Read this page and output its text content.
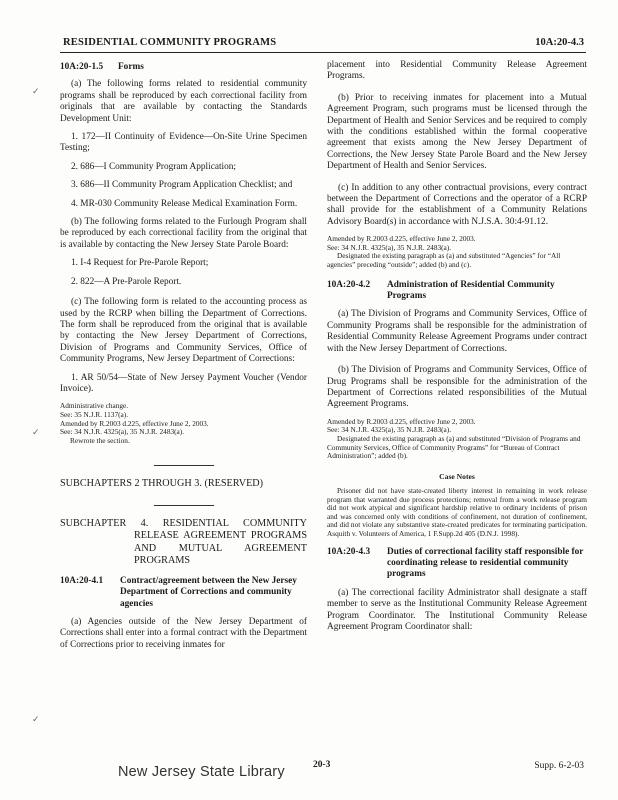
RESIDENTIAL COMMUNITY PROGRAMS	10A:20-4.3
✓
✓
✓
10A:20-1.5 Forms

(a) The following forms related to residential community programs shall be reproduced by each correctional facility from originals that are available by contacting the Standards Development Unit:

1. 172—II Continuity of Evidence—On-Site Urine Specimen Testing;

2. 686—I Community Program Application;

3. 686—II Community Program Application Checklist; and

4. MR-030 Community Release Medical Examination Form.

(b) The following forms related to the Furlough Program shall be reproduced by each correctional facility from the original that is available by contacting the New Jersey State Parole Board:

1. I-4 Request for Pre-Parole Report;

2. 822—A Pre-Parole Report.

(c) The following form is related to the accounting process as used by the RCRP when billing the Department of Corrections. The form shall be reproduced from the original that is available by contacting the New Jersey Department of Corrections, Division of Programs and Community Services, Office of Community Programs, New Jersey Department of Corrections:

1. AR 50/54—State of New Jersey Payment Voucher (Vendor Invoice).

Administrative change.
See: 35 N.J.R. 1137(a).
Amended by R.2003 d.225, effective June 2, 2003.
See: 34 N.J.R. 4325(a), 35 N.J.R. 2483(a).
Rewrote the section.
SUBCHAPTERS 2 THROUGH 3. (RESERVED)
SUBCHAPTER 4. RESIDENTIAL COMMUNITY RELEASE AGREEMENT PROGRAMS AND MUTUAL AGREEMENT PROGRAMS
10A:20-4.1	Contract/agreement between the New Jersey Department of Corrections and community agencies

(a) Agencies outside of the New Jersey Department of Corrections shall enter into a formal contract with the Department of Corrections prior to receiving inmates for

placement into Residential Community Release Agreement Programs.

(b) Prior to receiving inmates for placement into a Mutual Agreement Program, such programs must be licensed through the Department of Health and Senior Services and be required to comply with the conditions established within the formal cooperative agreement that exists among the New Jersey Department of Corrections, the New Jersey State Parole Board and the New Jersey Department of Health and Senior Services.

(c) In addition to any other contractual provisions, every contract between the Department of Corrections and the operator of a RCRP shall provide for the establishment of a Community Relations Advisory Board(s) in accordance with N.J.S.A. 30:4-91.12.

Amended by R.2003 d.225, effective June 2, 2003.
See: 34 N.J.R. 4325(a), 35 N.J.R. 2483(a).
Designated the existing paragraph as (a) and substituted “Agencies” for “All agencies” preceding “outside”; added (b) and (c).
10A:20-4.2	Administration of Residential Community Programs

(a) The Division of Programs and Community Services, Office of Community Programs shall be responsible for the administration of Residential Community Release Agreement Programs under contract with the New Jersey Department of Corrections.

(b) The Division of Programs and Community Services, Office of Drug Programs shall be responsible for the administration of the Department of Corrections related responsibilities of the Mutual Agreement Programs.

Amended by R.2003 d.225, effective June 2, 2003.
See: 34 N.J.R. 4325(a), 35 N.J.R. 2483(a).
Designated the existing paragraph as (a) and substituted “Division of Programs and Community Services, Office of Community Programs” for “Bureau of Contract Administration”; added (b).
Case Notes
Prisoner did not have state-created liberty interest in remaining in work release program that warranted due process protections; removal from a work release program did not work atypical and significant hardship relative to ordinary incidents of prison and was concerned only with conditions of confinement, not duration of confinement, and did not violate any substantive state-created predicates for terminating participation. Asquith v. Volunteers of America, 1 F.Supp.2d 405 (D.N.J. 1998).
10A:20-4.3	Duties of correctional facility staff responsible for coordinating release to residential community programs

(a) The correctional facility Administrator shall designate a staff member to serve as the Institutional Community Release Agreement Program Coordinator. The Institutional Community Release Agreement Program Coordinator shall:

New Jersey State Library	20-3	Supp. 6-2-03
